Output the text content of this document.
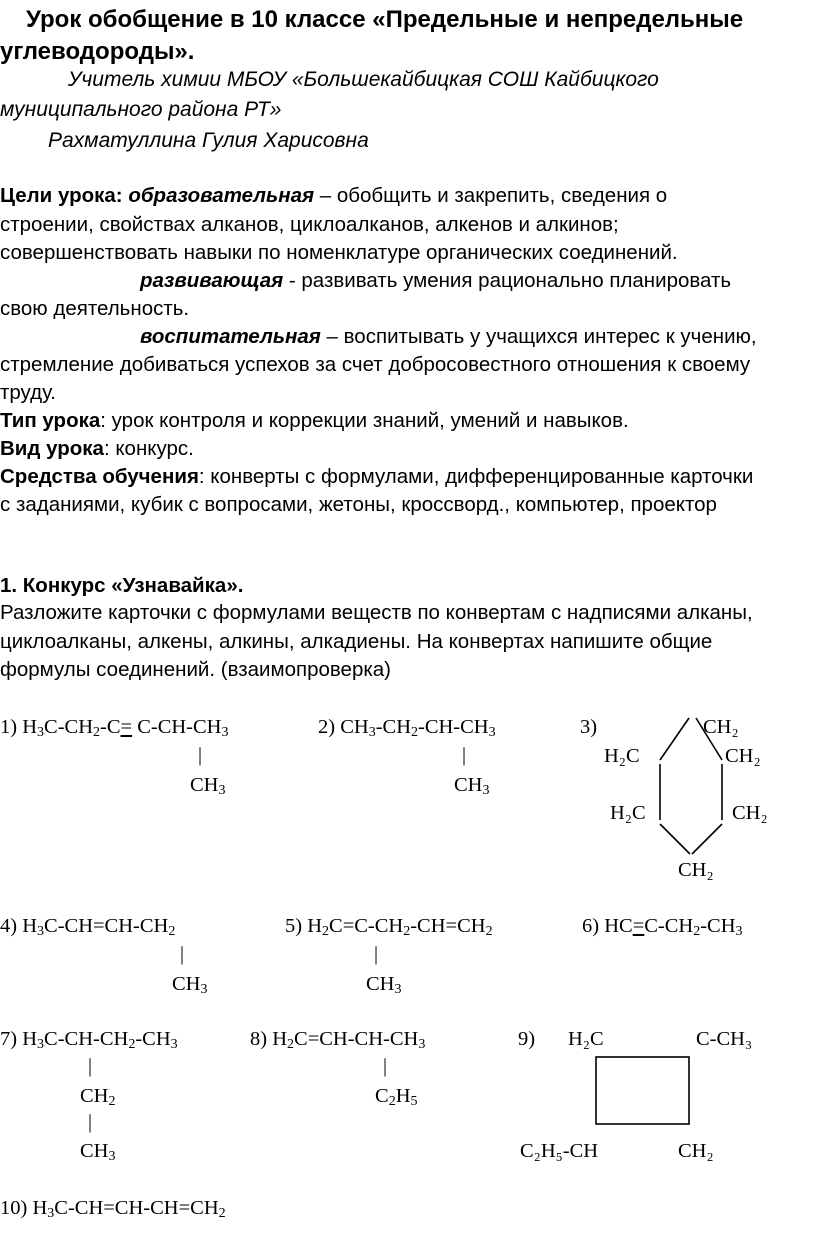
Урок обобщение в 10 классе «Предельные и непредельные
углеводороды».
Учитель химии МБОУ «Большекайбицкая СОШ Кайбицкого
муниципального района РТ»
Рахматуллина Гулия Харисовна
Цели урока: образовательная – обобщить и закрепить, сведения о
строении, свойствах алканов, циклоалканов, алкенов и алкинов;
совершенствовать навыки по номенклатуре органических соединений.
развивающая - развивать умения рационально планировать
свою деятельность.
воспитательная – воспитывать у учащихся интерес к учению,
стремление добиваться успехов за счет добросовестного отношения к своему
труду.
Тип урока: урок контроля и коррекции знаний, умений и навыков.
Вид урока: конкурс.
Средства обучения: конверты с формулами, дифференцированные карточки
с заданиями, кубик с вопросами, жетоны, кроссворд., компьютер, проектор
1. Конкурс «Узнавайка».
Разложите карточки с формулами веществ по конвертам с надписями алканы,
циклоалканы, алкены, алкины, алкадиены. На конвертах напишите общие
формулы соединений. (взаимопроверка)
1) $H_3C-CH_2-C= C-CH-CH_3$
|
$CH_3$
2) $CH_3-CH_2-CH-CH_3$
|
$CH_3$
3)	CH₂
H₂C	CH₂
H₂C	CH₂
CH₂
4) $H_3C-CH=CH-CH_2$
|
$CH_3$
5) $H_2C=C-CH_2-CH=CH_2$
|
$CH_3$
6) $HC=C-CH_2-CH_3$
7) $H_3C-CH-CH_2-CH_3$
|
$CH_2$
|
$CH_3$
8) $H_2C=CH-CH-CH_3$
|
$C_2H_5$
9) H₂C	C-CH₃
C₂H₅-CH	CH₂
10) $H_3C-CH=CH-CH=CH_2$
